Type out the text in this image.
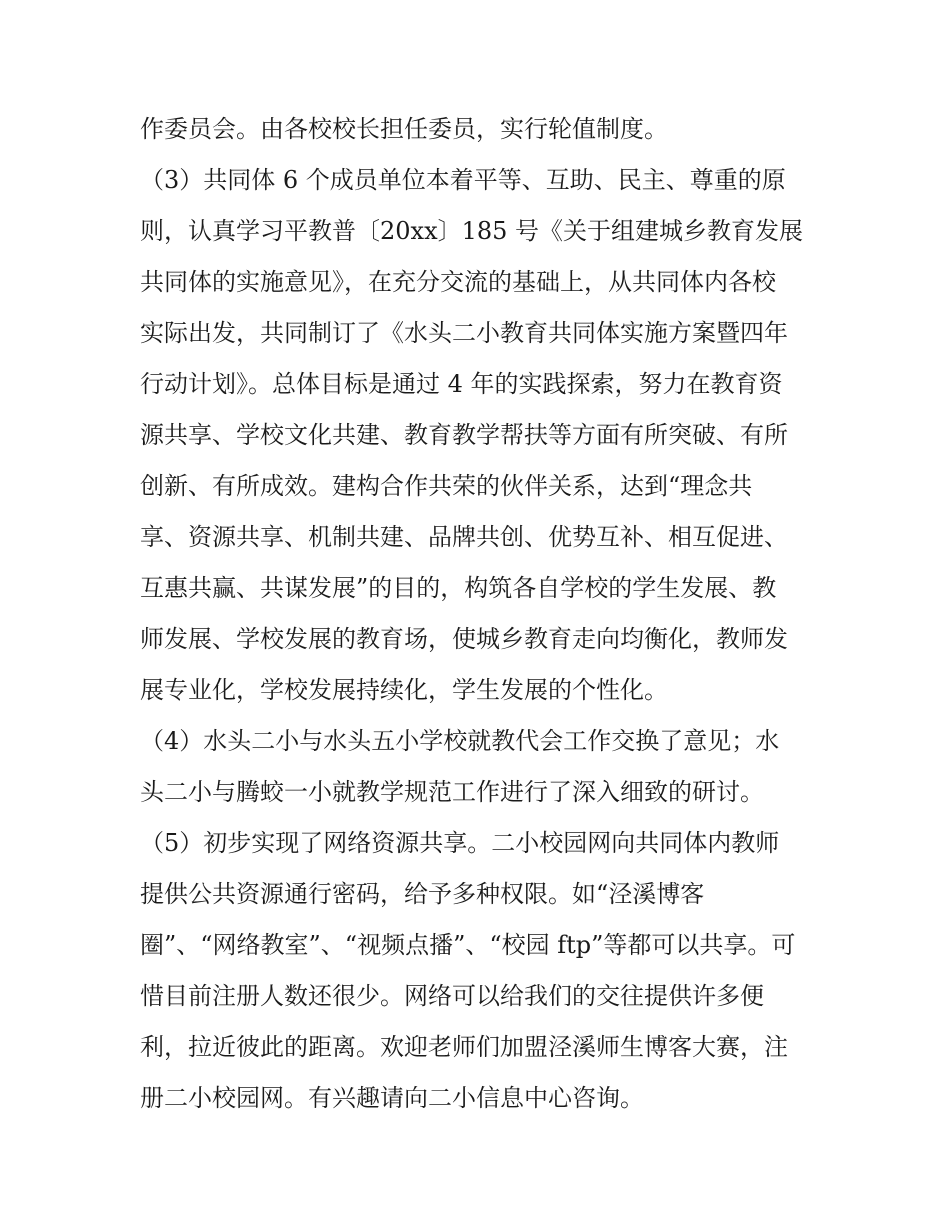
作委员会。由各校校长担任委员，实行轮值制度。
（3）共同体 6 个成员单位本着平等、互助、民主、尊重的原
则，认真学习平教普〔20xx〕185 号《关于组建城乡教育发展
共同体的实施意见》，在充分交流的基础上，从共同体内各校
实际出发，共同制订了《水头二小教育共同体实施方案暨四年
行动计划》。总体目标是通过 4 年的实践探索，努力在教育资
源共享、学校文化共建、教育教学帮扶等方面有所突破、有所
创新、有所成效。建构合作共荣的伙伴关系，达到“理念共
享、资源共享、机制共建、品牌共创、优势互补、相互促进、
互惠共赢、共谋发展”的目的，构筑各自学校的学生发展、教
师发展、学校发展的教育场，使城乡教育走向均衡化，教师发
展专业化，学校发展持续化，学生发展的个性化。
（4）水头二小与水头五小学校就教代会工作交换了意见；水
头二小与腾蛟一小就教学规范工作进行了深入细致的研讨。
（5）初步实现了网络资源共享。二小校园网向共同体内教师
提供公共资源通行密码，给予多种权限。如“泾溪博客
圈”、“网络教室”、“视频点播”、“校园 ftp”等都可以共享。可
惜目前注册人数还很少。网络可以给我们的交往提供许多便
利，拉近彼此的距离。欢迎老师们加盟泾溪师生博客大赛，注
册二小校园网。有兴趣请向二小信息中心咨询。
